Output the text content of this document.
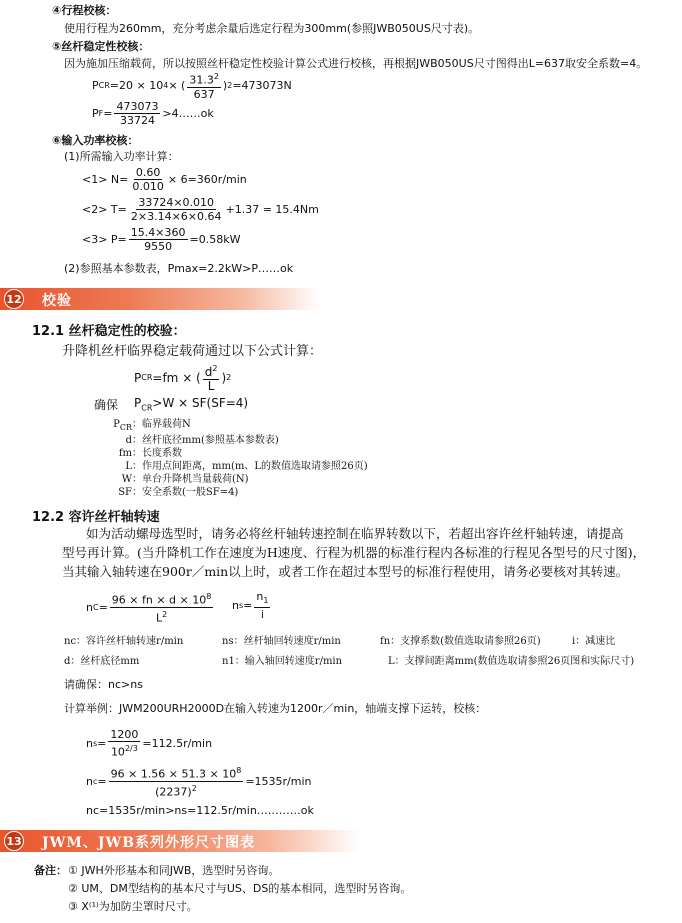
④行程校核：
使用行程为260mm，充分考虑余量后选定行程为300mm(参照JWB050US尺寸表)。
⑤丝杆稳定性校核：
因为施加压缩载荷，所以按照丝杆稳定性校验计算公式进行校核，再根据JWB050US尺寸图得出L=637取安全系数=4。
P CR =20 × 10 4 × ( $\frac{31.3^2}{637}$ ) 2 =473073N
P $F = \frac{473073}{33724}$ >4……ok
⑥输入功率校核：
(1)所需输入功率计算：
$<1> N= \frac{0.60}{0.010} \times 6=360r/\min$
$<2> T= \frac{33724\times 0.010}{2\times 3.14\times 6\times 0.64} +1.37 = 15.4Nm$
$<3> P= \frac{15.4\times 360}{9550} =0.58kW$
(2)参照基本参数表，Pmax=2.2kW>P……ok
12 校验
12.1 丝杆稳定性的校验：
升降机丝杆临界稳定载荷通过以下公式计算：
P CR =fm × ( $\frac{d^2}{L}$ ) 2
确保 $P_{CR}>W \times SF(SF=4)$
$P_{CR}$：临界载荷N
d：丝杆底径mm(参照基本参数表)
fm：长度系数
L：作用点间距离，mm(m、L的数值选取请参照26页)
W：单台升降机当量载荷(N)
SF：安全系数(一般SF=4)
12.2 容许丝杆轴转速
如为活动螺母选型时，请务必将丝杆轴转速控制在临界转数以下，若超出容许丝杆轴转速，请提高
型号再计算。(当升降机工作在速度为H速度、行程为机器的标准行程内各标准的行程见各型号的尺寸图)，
当其输入轴转速在900r／min以上时，或者工作在超过本型号的标准行程使用，请务必要核对其转速。
n $C = \frac{96 \times fn \times d \times 10^8}{L^2}$ n $s = \frac{n_1}{i}$
nc：容许丝杆轴转速r/min	ns：丝杆轴回转速度r/min	fn：支撑系数(数值选取请参照26页)	i：减速比
d：丝杆底径mm	n1：输入轴回转速度r/min	L：支撑间距离mm(数值选取请参照26页图和实际尺寸)
请确保：nc>ns
计算举例：JWM200URH2000D在输入转速为1200r／min，轴端支撑下运转，校核：
n $s = \frac{1200}{10^{2/3}} =112.5r/\min$
n $c = \frac{96 \times 1.56 \times 51.3 \times 10^8}{(2237)^2} =1535r/\min$
nc=1535r/min>ns=112.5r/min…………ok
13 JWM、JWB系列外形尺寸图表
备注： ① JWH外形基本和同JWB，选型时另咨询。
② UM、DM型结构的基本尺寸与US、DS的基本相同，选型时另咨询。
③ X⁽¹⁾为加防尘罩时尺寸。
